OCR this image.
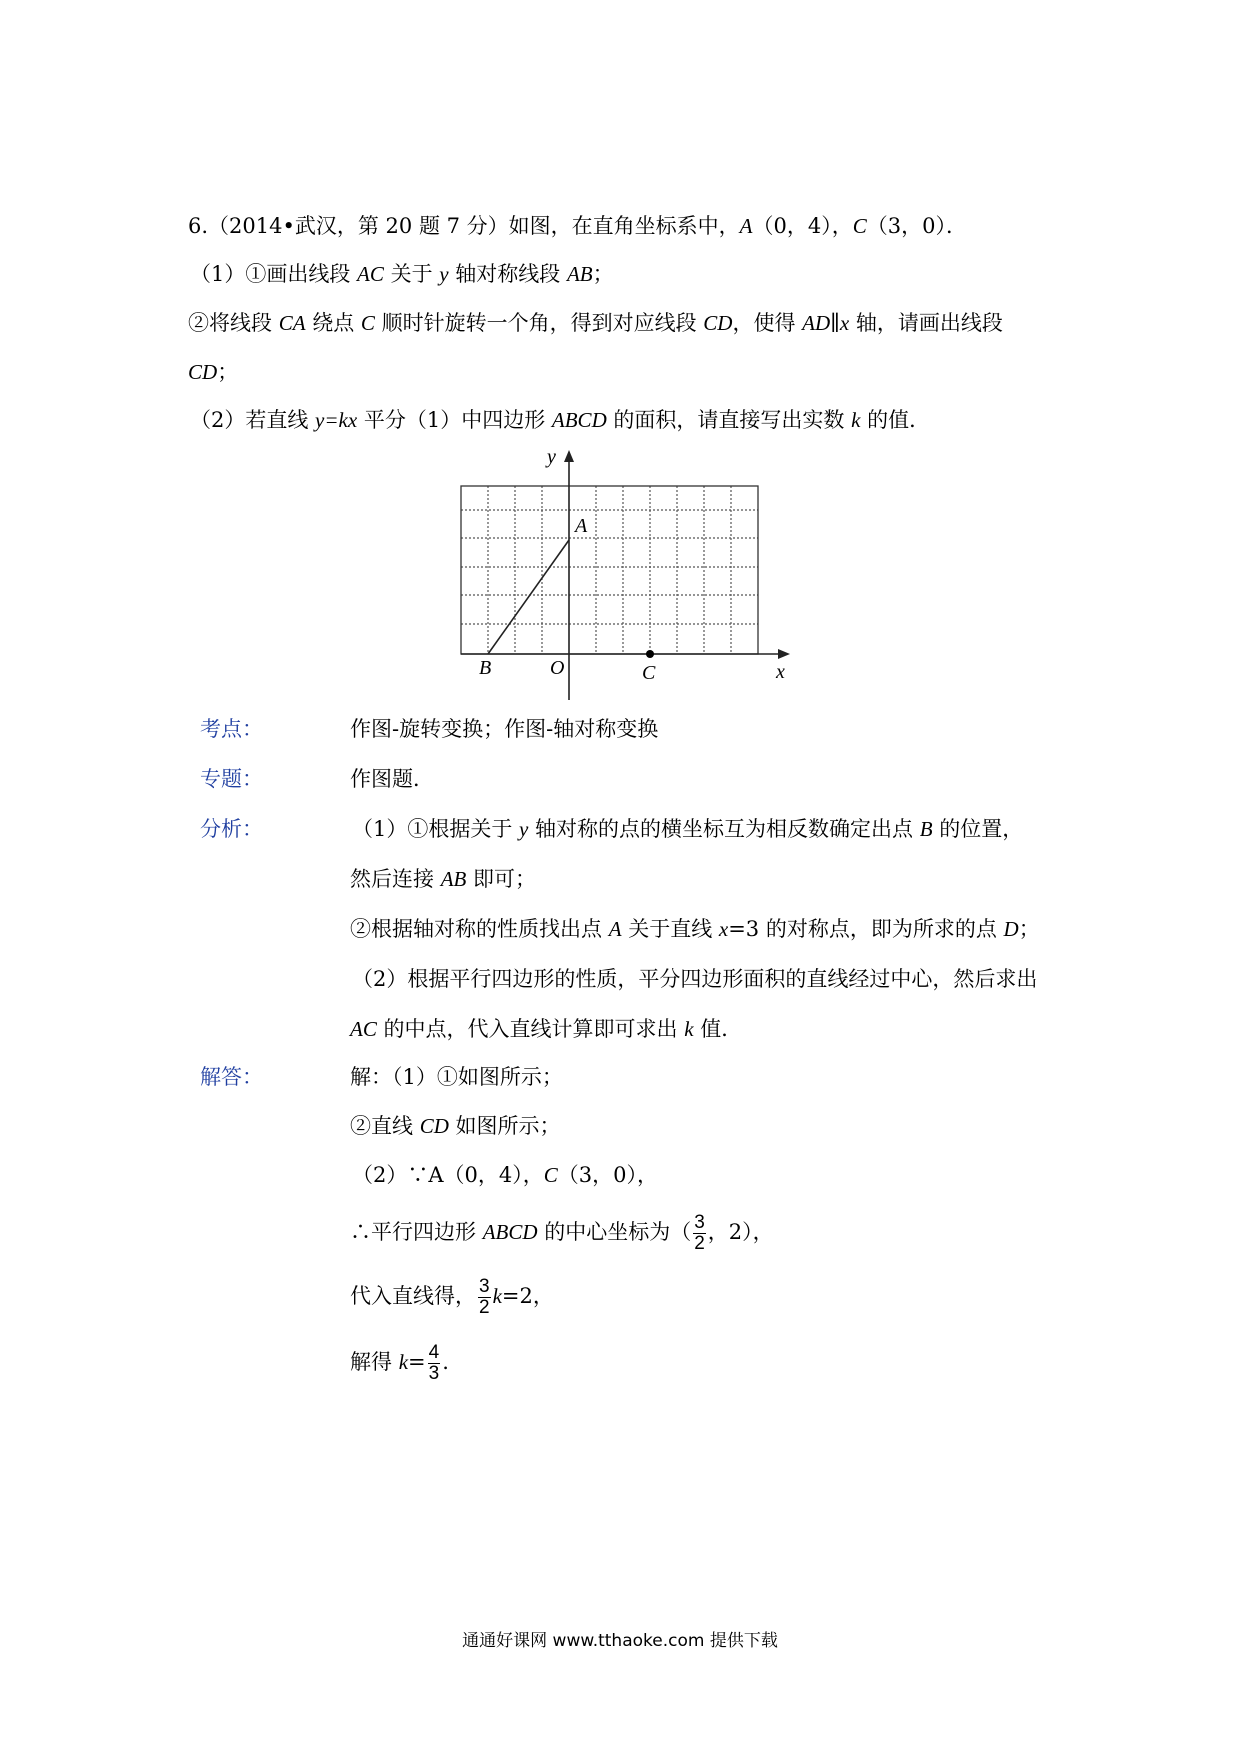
6.（2014•武汉，第 20 题 7 分）如图，在直角坐标系中，A（0，4），C（3，0）．
（1）①画出线段 AC 关于 y 轴对称线段 AB；
②将线段 CA 绕点 C 顺时针旋转一个角，得到对应线段 CD，使得 AD∥x 轴，请画出线段
CD；
（2）若直线 y=kx 平分（1）中四边形 ABCD 的面积，请直接写出实数 k 的值．
y
x
A
B	O	C
考点：	作图-旋转变换；作图-轴对称变换
专题：	作图题．
分析：	（1）①根据关于 y 轴对称的点的横坐标互为相反数确定出点 B 的位置，
然后连接 AB 即可；
②根据轴对称的性质找出点 A 关于直线 x=3 的对称点，即为所求的点 D；
（2）根据平行四边形的性质，平分四边形面积的直线经过中心，然后求出
AC 的中点，代入直线计算即可求出 k 值．
解答：	解：（1）①如图所示；
②直线 CD 如图所示；
（2）∵A（0，4），C（3，0），
∴平行四边形 ABCD 的中心坐标为（ $\frac{3}{2}$ ，2），
代入直线得， $\frac{3}{2} k=2$，
解得 $k= \frac{4}{3}$ .
通通好课网 www.tthaoke.com 提供下载
